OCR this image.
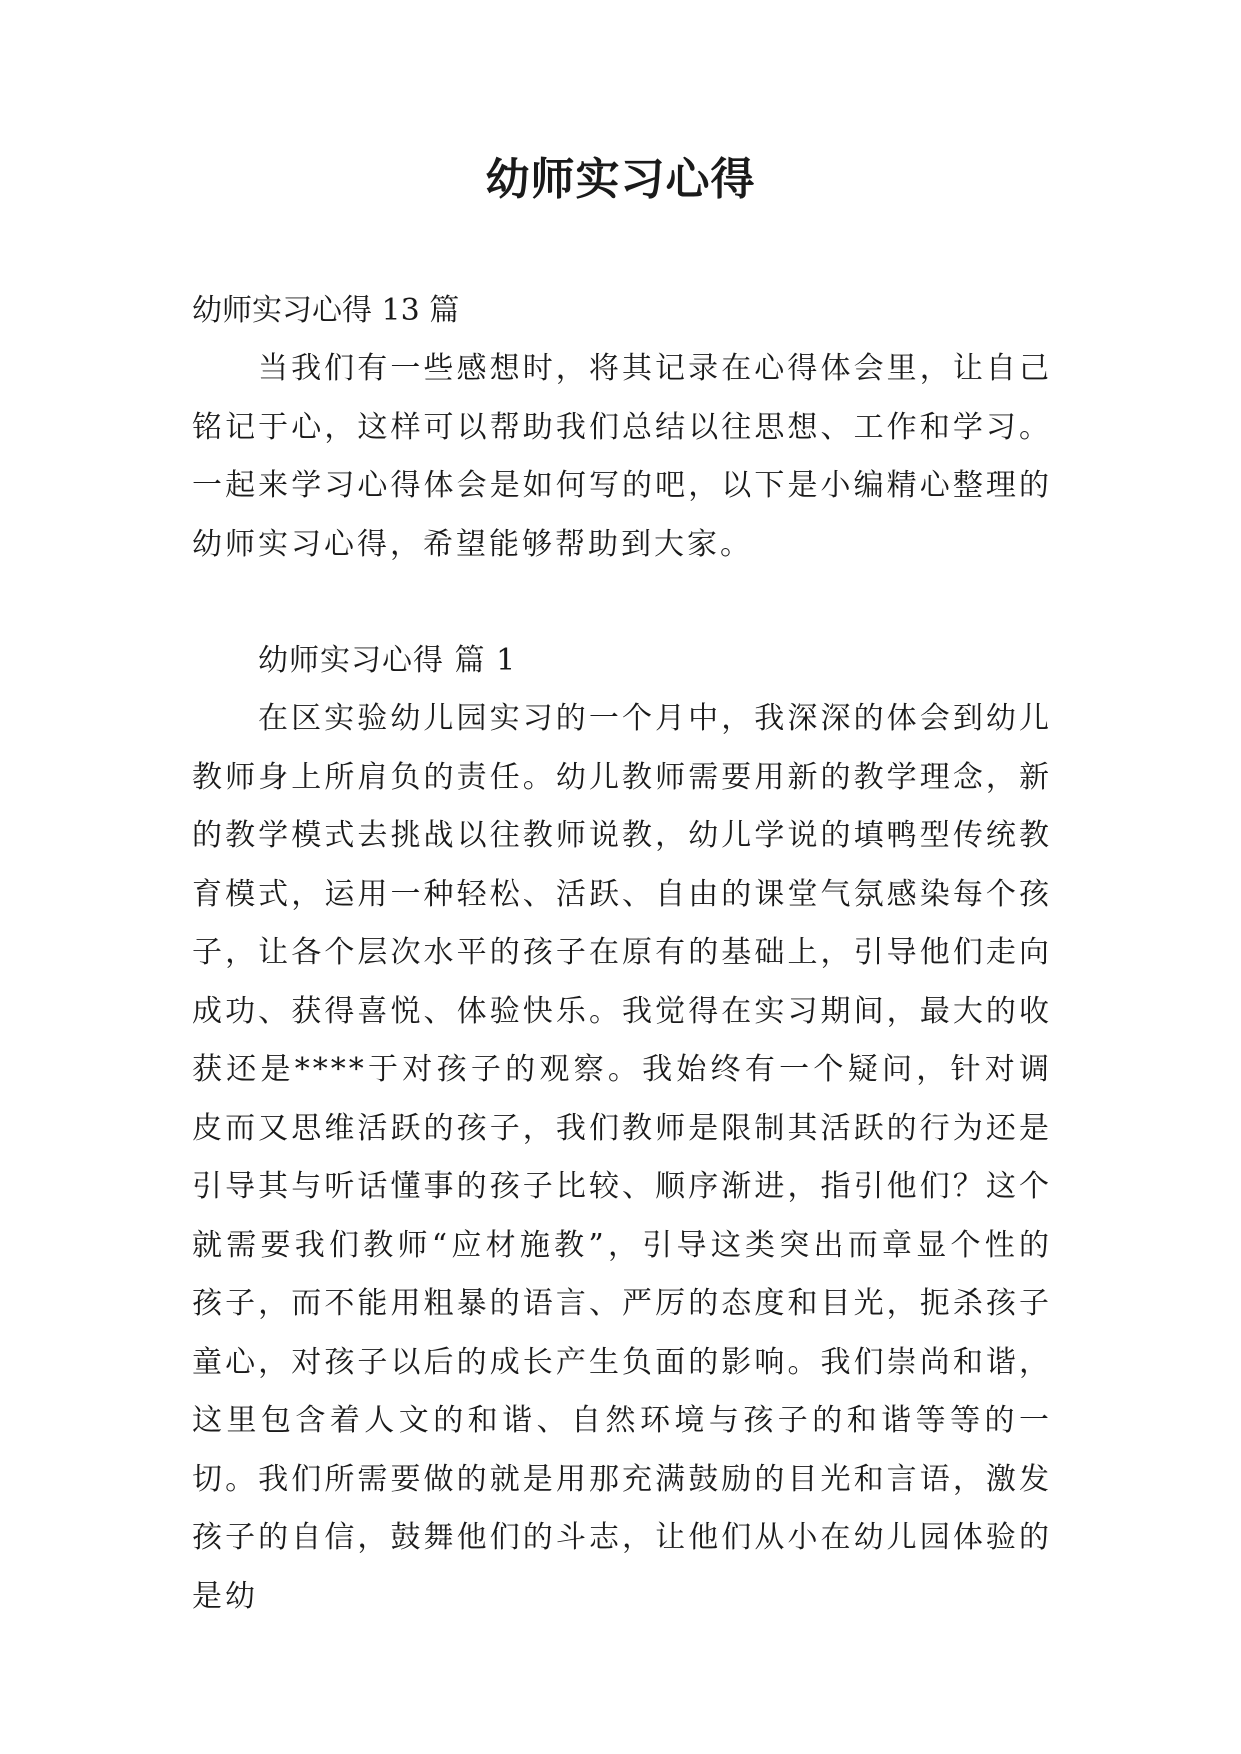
幼师实习心得

幼师实习心得 13 篇

当我们有一些感想时，将其记录在心得体会里，让自己铭记于心，这样可以帮助我们总结以往思想、工作和学习。一起来学习心得体会是如何写的吧，以下是小编精心整理的幼师实习心得，希望能够帮助到大家。

幼师实习心得 篇 1

在区实验幼儿园实习的一个月中，我深深的体会到幼儿教师身上所肩负的责任。幼儿教师需要用新的教学理念，新的教学模式去挑战以往教师说教，幼儿学说的填鸭型传统教育模式，运用一种轻松、活跃、自由的课堂气氛感染每个孩子，让各个层次水平的孩子在原有的基础上，引导他们走向成功、获得喜悦、体验快乐。我觉得在实习期间，最大的收获还是****于对孩子的观察。我始终有一个疑问，针对调皮而又思维活跃的孩子，我们教师是限制其活跃的行为还是引导其与听话懂事的孩子比较、顺序渐进，指引他们？这个就需要我们教师“应材施教”，引导这类突出而章显个性的孩子，而不能用粗暴的语言、严厉的态度和目光，扼杀孩子童心，对孩子以后的成长产生负面的影响。我们崇尚和谐，这里包含着人文的和谐、自然环境与孩子的和谐等等的一切。我们所需要做的就是用那充满鼓励的目光和言语，激发孩子的自信，鼓舞他们的斗志，让他们从小在幼儿园体验的是幼
